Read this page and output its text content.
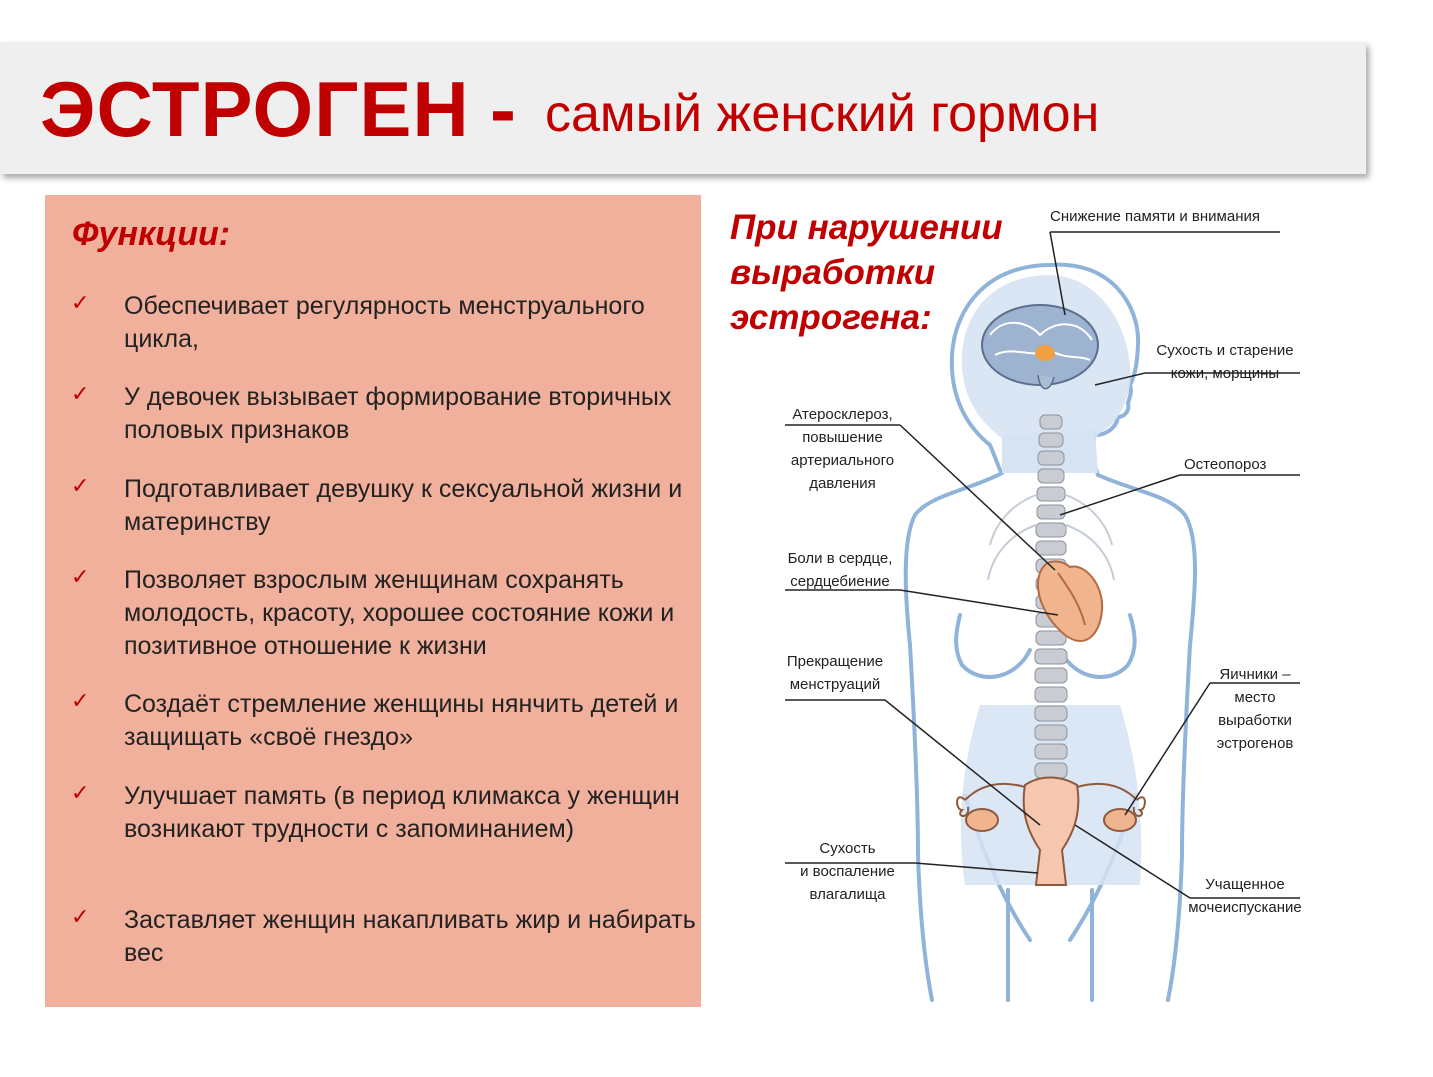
ЭСТРОГЕН - самый женский гормон
Функции:
✓ Обеспечивает регулярность менструального цикла,
✓ У девочек вызывает формирование вторичных половых признаков
✓ Подготавливает девушку к сексуальной жизни и материнству
✓ Позволяет взрослым женщинам сохранять молодость, красоту, хорошее состояние кожи и позитивное отношение к жизни
✓ Создаёт стремление женщины нянчить детей и защищать «своё гнездо»
✓ Улучшает память (в период климакса у женщин возникают трудности с запоминанием)
✓ Заставляет женщин накапливать жир и набирать вес
При нарушении выработки эстрогена:
Снижение памяти и внимания
Сухость и старение
кожи, морщины
Атеросклероз,
повышение
артериального
давления
Остеопороз
Боли в сердце,
сердцебиение
Прекращение
менструаций
Яичники –
место
выработки
эстрогенов
Сухость
и воспаление
влагалища
Учащенное
мочеиспускание
